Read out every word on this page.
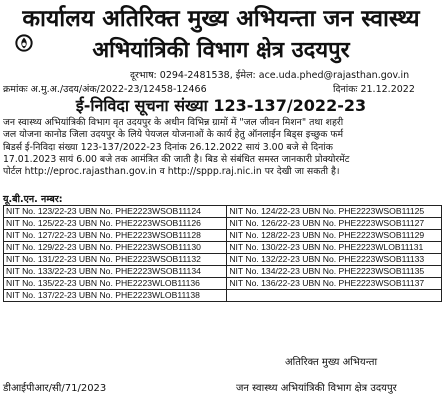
कार्यालय अतिरिक्त मुख्य अभियन्ता जन स्वास्थ्य
अभियांत्रिकी विभाग क्षेत्र उदयपुर
दूरभाष: 0294-2481538, ईमेल: ace.uda.phed@rajasthan.gov.in
क्रमांकः अ.मु.अ./उदय/अंक/2022-23/12458-12466	दिनांकः 21.12.2022
ई-निविदा सूचना संख्या 123-137/2022-23
जन स्वास्थ्य अभियांत्रिकी विभाग वृत उदयपुर के अधीन विभिन्न ग्रामों में "जल जीवन मिशन" तथा शहरी
जल योजना कानोड जिला उदयपुर के लिये पेयजल योजनाओं के कार्य हेतु ऑनलाईन बिड्स इच्छुक फर्म
बिडर्स ई-निविदा संख्या 123-137/2022-23 दिनांक 26.12.2022 सायं 3.00 बजे से दिनांक
17.01.2023 सायं 6.00 बजे तक आमंत्रित की जाती है। बिड से संबंधित समस्त जानकारी प्रोक्योरमेंट
पोर्टल http://eproc.rajasthan.gov.in व http://sppp.raj.nic.in पर देखी जा सकती है।
यू.बी.एन. नम्बर:
NIT No. 123/22-23 UBN No. PHE2223WSOB11124	NIT No. 124/22-23 UBN No. PHE2223WSOB11125
NIT No. 125/22-23 UBN No. PHE2223WSOB11126	NIT No. 126/22-23 UBN No. PHE2223WSOB11127
NIT No. 127/22-23 UBN No. PHE2223WSOB11128	NIT No. 128/22-23 UBN No. PHE2223WSOB11129
NIT No. 129/22-23 UBN No. PHE2223WSOB11130	NIT No. 130/22-23 UBN No. PHE2223WLOB11131
NIT No. 131/22-23 UBN No. PHE2223WSOB11132	NIT No. 132/22-23 UBN No. PHE2223WSOB11133
NIT No. 133/22-23 UBN No. PHE2223WSOB11134	NIT No. 134/22-23 UBN No. PHE2223WSOB11135
NIT No. 135/22-23 UBN No. PHE2223WLOB11136	NIT No. 136/22-23 UBN No. PHE2223WSOB11137
NIT No. 137/22-23 UBN No. PHE2223WLOB11138	
अतिरिक्त मुख्य अभियन्ता
डीआईपीआर/सी/71/2023	जन स्वास्थ्य अभियांत्रिकी विभाग क्षेत्र उदयपुर
